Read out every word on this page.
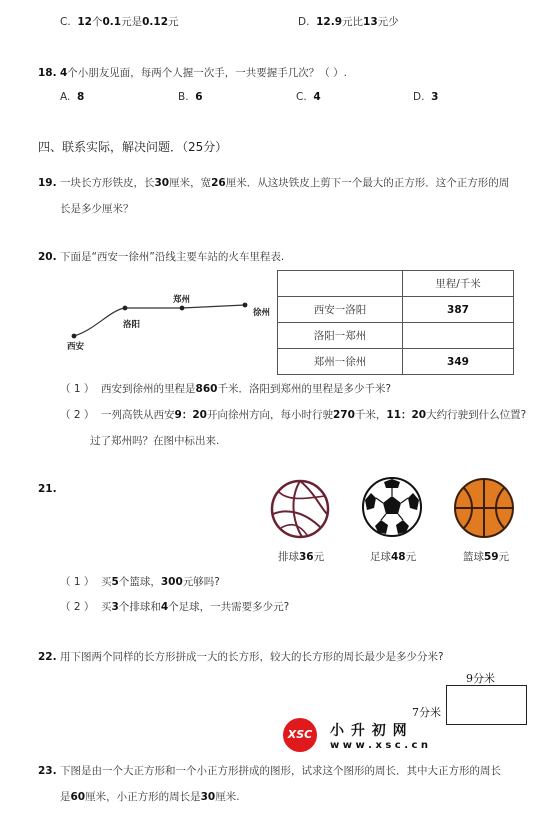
C. 12个0.1元是0.12元	D. 12.9元比13元少
18. 4个小朋友见面，每两个人握一次手，一共要握手几次？（ ）.
A. 8	B. 6	C. 4	D. 3
四、联系实际，解决问题．（25分）
19. 一块长方形铁皮，长30厘米，宽26厘米．从这块铁皮上剪下一个最大的正方形．这个正方形的周
长是多少厘米？
20. 下面是“西安一徐州”沿线主要车站的火车里程表.
西安
洛阳
郑州
徐州
	里程/千米
西安一洛阳	387
洛阳一郑州	
郑州一徐州	349
（ 1 ） 西安到徐州的里程是860千米．洛阳到郑州的里程是多少千米?
（ 2 ） 一列高铁从西安9：20开向徐州方向，每小时行驶270千米，11：20大约行驶到什么位置?
过了郑州吗？在图中标出来.
21.
排球36元	足球48元	篮球59元
（ 1 ） 买5个篮球，300元够吗?
（ 2 ） 买3个排球和4个足球，一共需要多少元?
22. 用下图两个同样的长方形拼成一大的长方形，较大的长方形的周长最少是多少分米?
9分米
7分米
XSC	小 升 初 网
w w w . x s c . c n
23. 下图是由一个大正方形和一个小正方形拼成的图形，试求这个图形的周长．其中大正方形的周长
是60厘米，小正方形的周长是30厘米.
